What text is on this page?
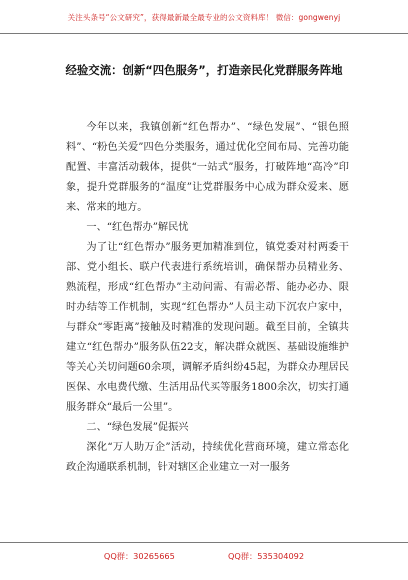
关注头条号“公文研究”，获得最新最全最专业的公文资料库！ 微信：gongwenyj
经验交流：创新“四色服务”，打造亲民化党群服务阵地

今年以来，我镇创新“红色帮办”、“绿色发展”、“银色照料”、“粉色关爱”四色分类服务，通过优化空间布局、完善功能配置、丰富活动载体，提供“一站式”服务，打破阵地“高冷”印象，提升党群服务的“温度”让党群服务中心成为群众爱来、愿来、常来的地方。

一、“红色帮办”解民忧

为了让“红色帮办”服务更加精准到位，镇党委对村两委干部、党小组长、联户代表进行系统培训，确保帮办员精业务、熟流程，形成“红色帮办”主动问需、有需必帮、能办必办、限时办结等工作机制，实现“红色帮办”人员主动下沉农户家中，与群众“零距离”接触及时精准的发现问题。截至目前，全镇共建立“红色帮办”服务队伍22支，解决群众就医、基础设施维护等关心关切问题60余项，调解矛盾纠纷45起，为群众办理居民医保、水电费代缴、生活用品代买等服务1800余次，切实打通服务群众“最后一公里”。

二、“绿色发展”促振兴

深化“万人助万企”活动，持续优化营商环境，建立常态化政企沟通联系机制，针对辖区企业建立一对一服务

QQ群：30265665	QQ群：535304092
